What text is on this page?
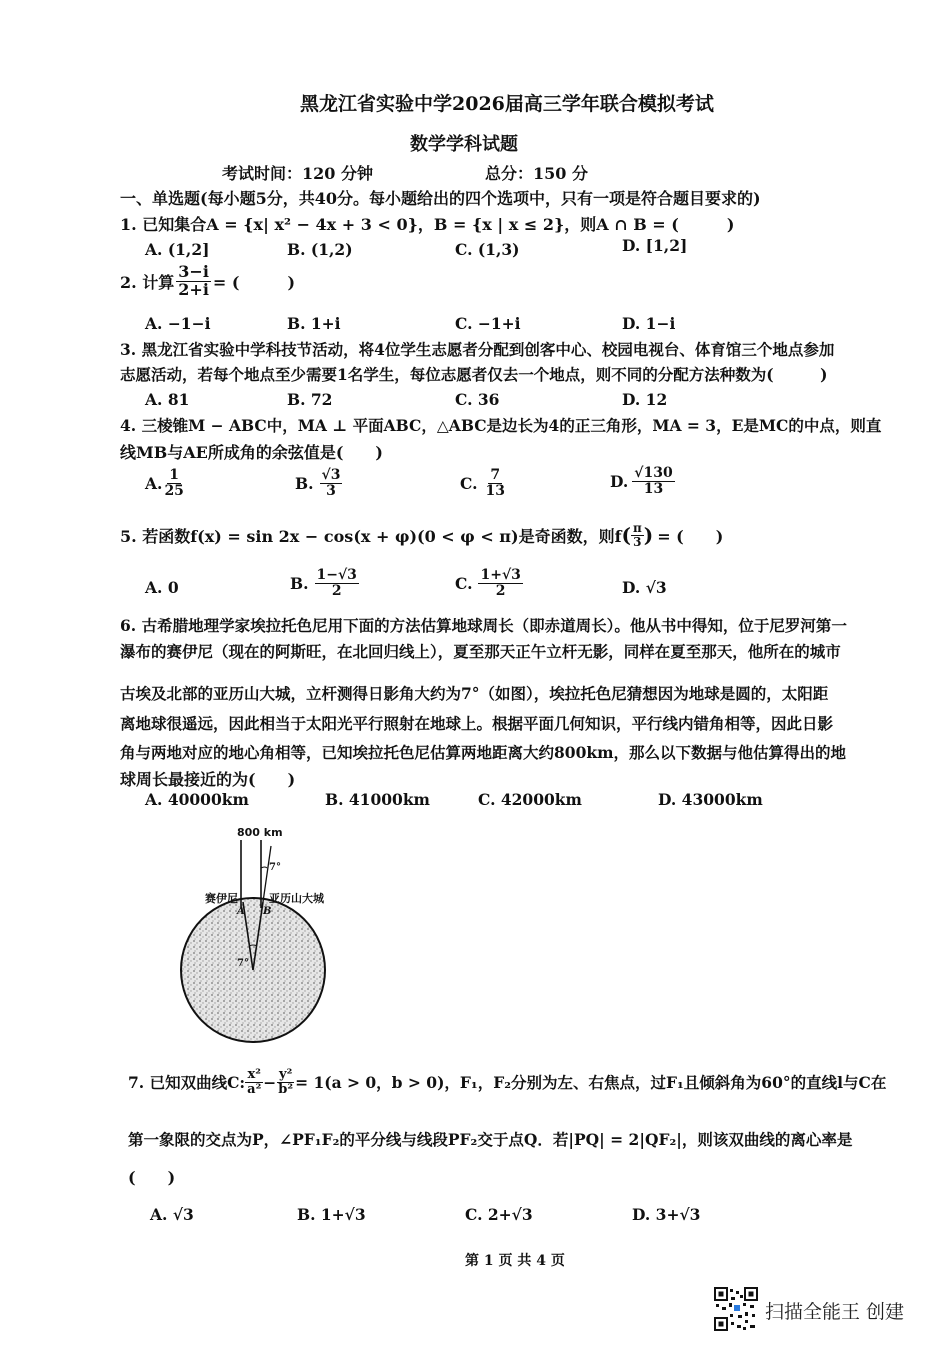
黑龙江省实验中学2026届高三学年联合模拟考试
数学学科试题
考试时间：120 分钟	总分：150 分
一、单选题(每小题5分，共40分。每小题给出的四个选项中，只有一项是符合题目要求的)
1. 已知集合A = {x| x² − 4x + 3 < 0}，B = {x | x ≤ 2}，则A ∩ B = (　　　)
A. (1,2]	B. (1,2)	C. (1,3)	D. [1,2]
2. 计算 $\frac{3-i}{2+i}$ = (　　　)
A. −1−i	B. 1+i	C. −1+i	D. 1−i
3. 黑龙江省实验中学科技节活动，将4位学生志愿者分配到创客中心、校园电视台、体育馆三个地点参加
志愿活动，若每个地点至少需要1名学生，每位志愿者仅去一个地点，则不同的分配方法种数为(　　　)
A. 81	B. 72	C. 36	D. 12
4. 三棱锥M − ABC中，MA ⊥ 平面ABC，△ABC是边长为4的正三角形，MA = 3，E是MC的中点，则直
线MB与AE所成角的余弦值是(　　)
A. $\frac{1}{25}$	B. $\frac{√3}{3}$	C. $\frac{7}{13}$	D. $\frac{√130}{13}$
5. 若函数f(x) = sin 2x − cos(x + φ)(0 < φ < π)是奇函数，则f ( $\frac{\pi}{3}$ ) = (　　)
A. 0	B. $\frac{1-√3}{2}$	C. $\frac{1+√3}{2}$	D. √3
6. 古希腊地理学家埃拉托色尼用下面的方法估算地球周长（即赤道周长）。他从书中得知，位于尼罗河第一
瀑布的赛伊尼（现在的阿斯旺，在北回归线上），夏至那天正午立杆无影，同样在夏至那天，他所在的城市
古埃及北部的亚历山大城，立杆测得日影角大约为7°（如图），埃拉托色尼猜想因为地球是圆的，太阳距
离地球很遥远，因此相当于太阳光平行照射在地球上。根据平面几何知识，平行线内错角相等，因此日影
角与两地对应的地心角相等，已知埃拉托色尼估算两地距离大约800km，那么以下数据与他估算得出的地
球周长最接近的为(　　)
A. 40000km	B. 41000km	C. 42000km	D. 43000km
800 km
7°
赛伊尼	亚历山大城
A B
7°
7. 已知双曲线C: $\frac{\text{x²}}{\text{a²}} - \frac{\text{y²}}{\text{b²}} = 1(a > 0$，b > 0)，F₁，F₂分别为左、右焦点，过F₁且倾斜角为60°的直线l与C在
第一象限的交点为P，∠PF₁F₂的平分线与线段PF₂交于点Q．若|PQ| = 2|QF₂|，则该双曲线的离心率是
(　　)
A. √3	B. 1+√3	C. 2+√3	D. 3+√3
第 1 页 共 4 页
扫描全能王 创建
